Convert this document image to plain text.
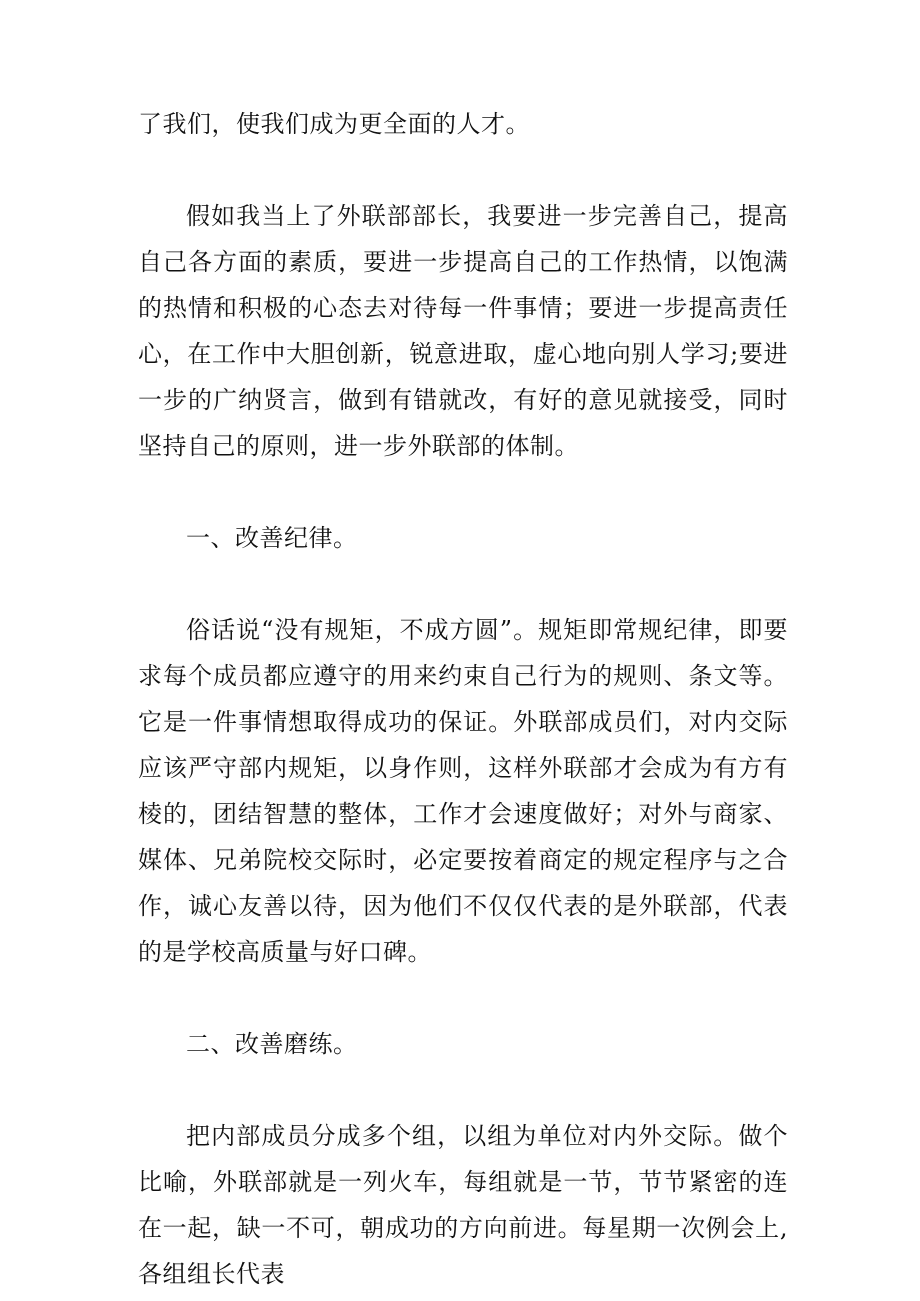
了我们，使我们成为更全面的人才。

假如我当上了外联部部长，我要进一步完善自己，提高自己各方面的素质，要进一步提高自己的工作热情，以饱满的热情和积极的心态去对待每一件事情；要进一步提高责任心，在工作中大胆创新，锐意进取，虚心地向别人学习;要进一步的广纳贤言，做到有错就改，有好的意见就接受，同时坚持自己的原则，进一步外联部的体制。

一、改善纪律。

俗话说“没有规矩，不成方圆”。规矩即常规纪律，即要求每个成员都应遵守的用来约束自己行为的规则、条文等。它是一件事情想取得成功的保证。外联部成员们，对内交际应该严守部内规矩，以身作则，这样外联部才会成为有方有棱的，团结智慧的整体，工作才会速度做好；对外与商家、媒体、兄弟院校交际时，必定要按着商定的规定程序与之合作，诚心友善以待，因为他们不仅仅代表的是外联部，代表的是学校高质量与好口碑。

二、改善磨练。

把内部成员分成多个组，以组为单位对内外交际。做个比喻，外联部就是一列火车，每组就是一节，节节紧密的连在一起，缺一不可，朝成功的方向前进。每星期一次例会上,各组组长代表
